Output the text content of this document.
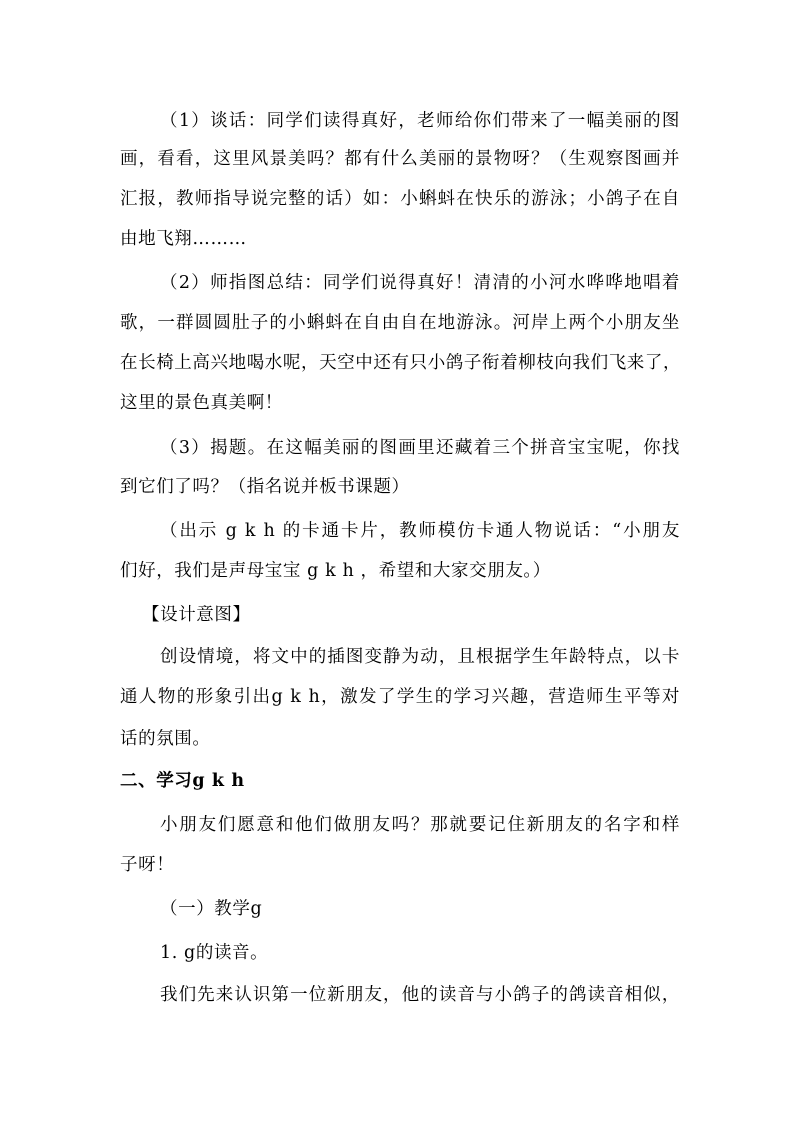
（1）谈话：同学们读得真好，老师给你们带来了一幅美丽的图
画，看看，这里风景美吗？都有什么美丽的景物呀？（生观察图画并
汇报，教师指导说完整的话）如：小蝌蚪在快乐的游泳；小鸽子在自
由地飞翔………
（2）师指图总结：同学们说得真好！清清的小河水哗哗地唱着
歌，一群圆圆肚子的小蝌蚪在自由自在地游泳。河岸上两个小朋友坐
在长椅上高兴地喝水呢，天空中还有只小鸽子衔着柳枝向我们飞来了，
这里的景色真美啊！
（3）揭题。在这幅美丽的图画里还藏着三个拼音宝宝呢，你找
到它们了吗？（指名说并板书课题）
（出示 g k h 的卡通卡片，教师模仿卡通人物说话：“小朋友
们好，我们是声母宝宝 g k h ，希望和大家交朋友。）
【设计意图】
创设情境，将文中的插图变静为动，且根据学生年龄特点，以卡
通人物的形象引出g k h，激发了学生的学习兴趣，营造师生平等对
话的氛围。
二、学习g k h
小朋友们愿意和他们做朋友吗？那就要记住新朋友的名字和样
子呀！
（一）教学g
1. g的读音。
我们先来认识第一位新朋友，他的读音与小鸽子的鸽读音相似，
